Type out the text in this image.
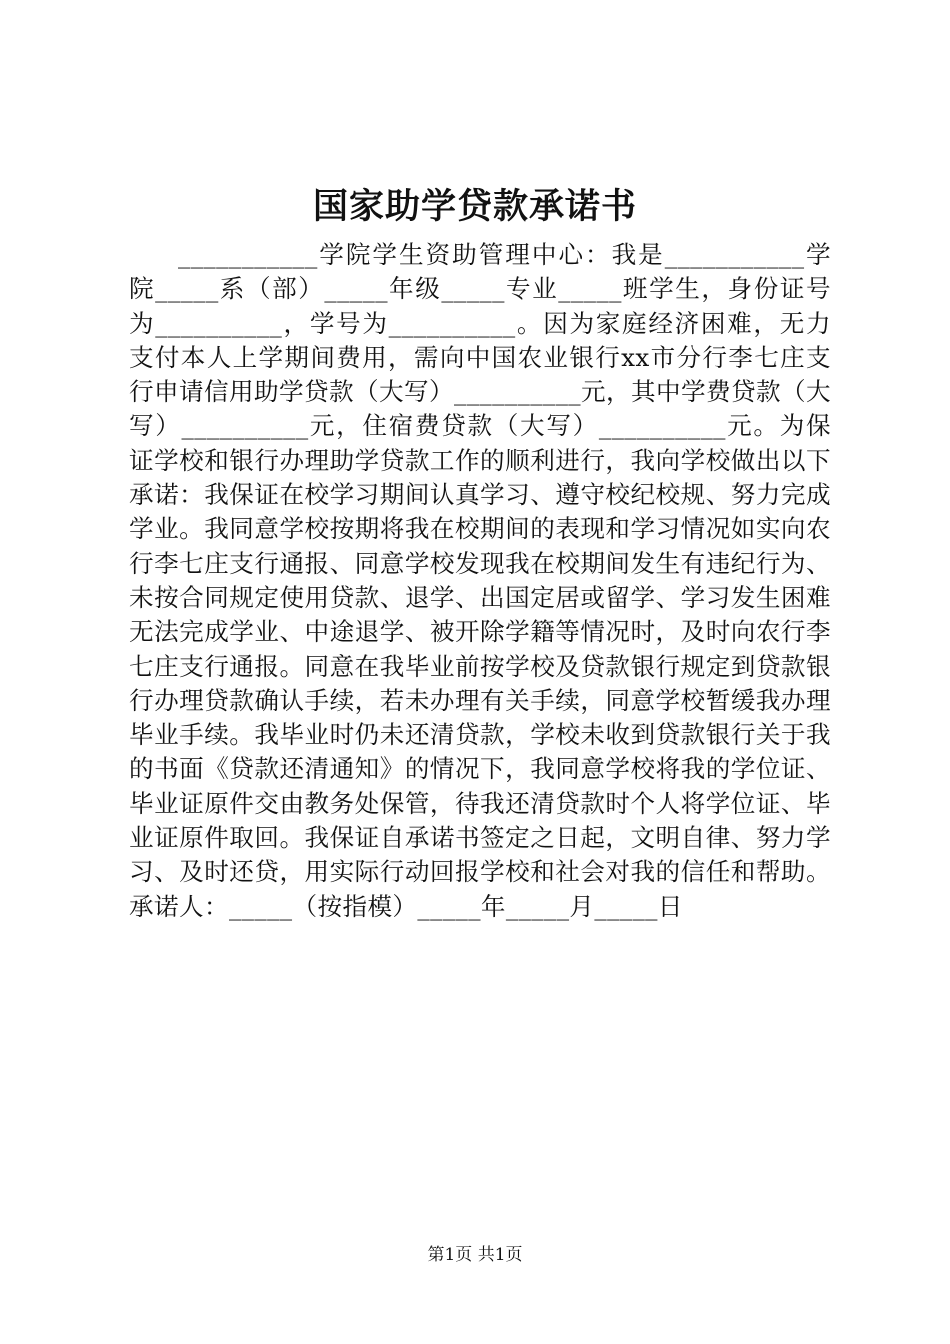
国家助学贷款承诺书
___________学院学生资助管理中心：我是___________学院_____系（部）_____年级_____专业_____班学生，身份证号为__________，学号为__________。因为家庭经济困难，无力支付本人上学期间费用，需向中国农业银行xx市分行李七庄支行申请信用助学贷款（大写）__________元，其中学费贷款（大写）__________元，住宿费贷款（大写）__________元。为保证学校和银行办理助学贷款工作的顺利进行，我向学校做出以下承诺：我保证在校学习期间认真学习、遵守校纪校规、努力完成学业。我同意学校按期将我在校期间的表现和学习情况如实向农行李七庄支行通报、同意学校发现我在校期间发生有违纪行为、未按合同规定使用贷款、退学、出国定居或留学、学习发生困难无法完成学业、中途退学、被开除学籍等情况时，及时向农行李七庄支行通报。同意在我毕业前按学校及贷款银行规定到贷款银行办理贷款确认手续，若未办理有关手续，同意学校暂缓我办理毕业手续。我毕业时仍未还清贷款，学校未收到贷款银行关于我的书面《贷款还清通知》的情况下，我同意学校将我的学位证、毕业证原件交由教务处保管，待我还清贷款时个人将学位证、毕业证原件取回。我保证自承诺书签定之日起，文明自律、努力学习、及时还贷，用实际行动回报学校和社会对我的信任和帮助。承诺人：_____（按指模）_____年_____月_____日
第1页 共1页
